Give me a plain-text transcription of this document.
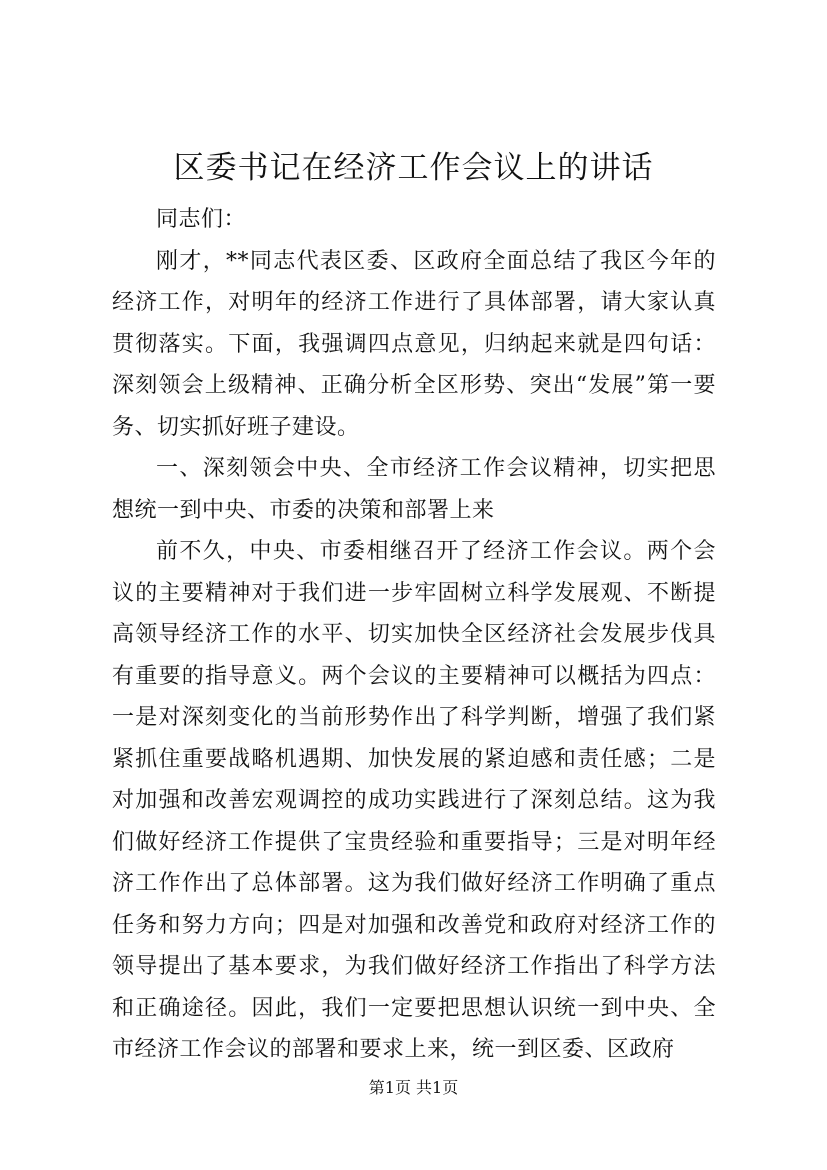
区委书记在经济工作会议上的讲话

同志们：

刚才，**同志代表区委、区政府全面总结了我区今年的经济工作，对明年的经济工作进行了具体部署，请大家认真贯彻落实。下面，我强调四点意见，归纳起来就是四句话：深刻领会上级精神、正确分析全区形势、突出“发展”第一要务、切实抓好班子建设。

一、深刻领会中央、全市经济工作会议精神，切实把思想统一到中央、市委的决策和部署上来

前不久，中央、市委相继召开了经济工作会议。两个会议的主要精神对于我们进一步牢固树立科学发展观、不断提高领导经济工作的水平、切实加快全区经济社会发展步伐具有重要的指导意义。两个会议的主要精神可以概括为四点：一是对深刻变化的当前形势作出了科学判断，增强了我们紧紧抓住重要战略机遇期、加快发展的紧迫感和责任感；二是对加强和改善宏观调控的成功实践进行了深刻总结。这为我们做好经济工作提供了宝贵经验和重要指导；三是对明年经济工作作出了总体部署。这为我们做好经济工作明确了重点任务和努力方向；四是对加强和改善党和政府对经济工作的领导提出了基本要求，为我们做好经济工作指出了科学方法和正确途径。因此，我们一定要把思想认识统一到中央、全市经济工作会议的部署和要求上来，统一到区委、区政府

第1页 共1页
